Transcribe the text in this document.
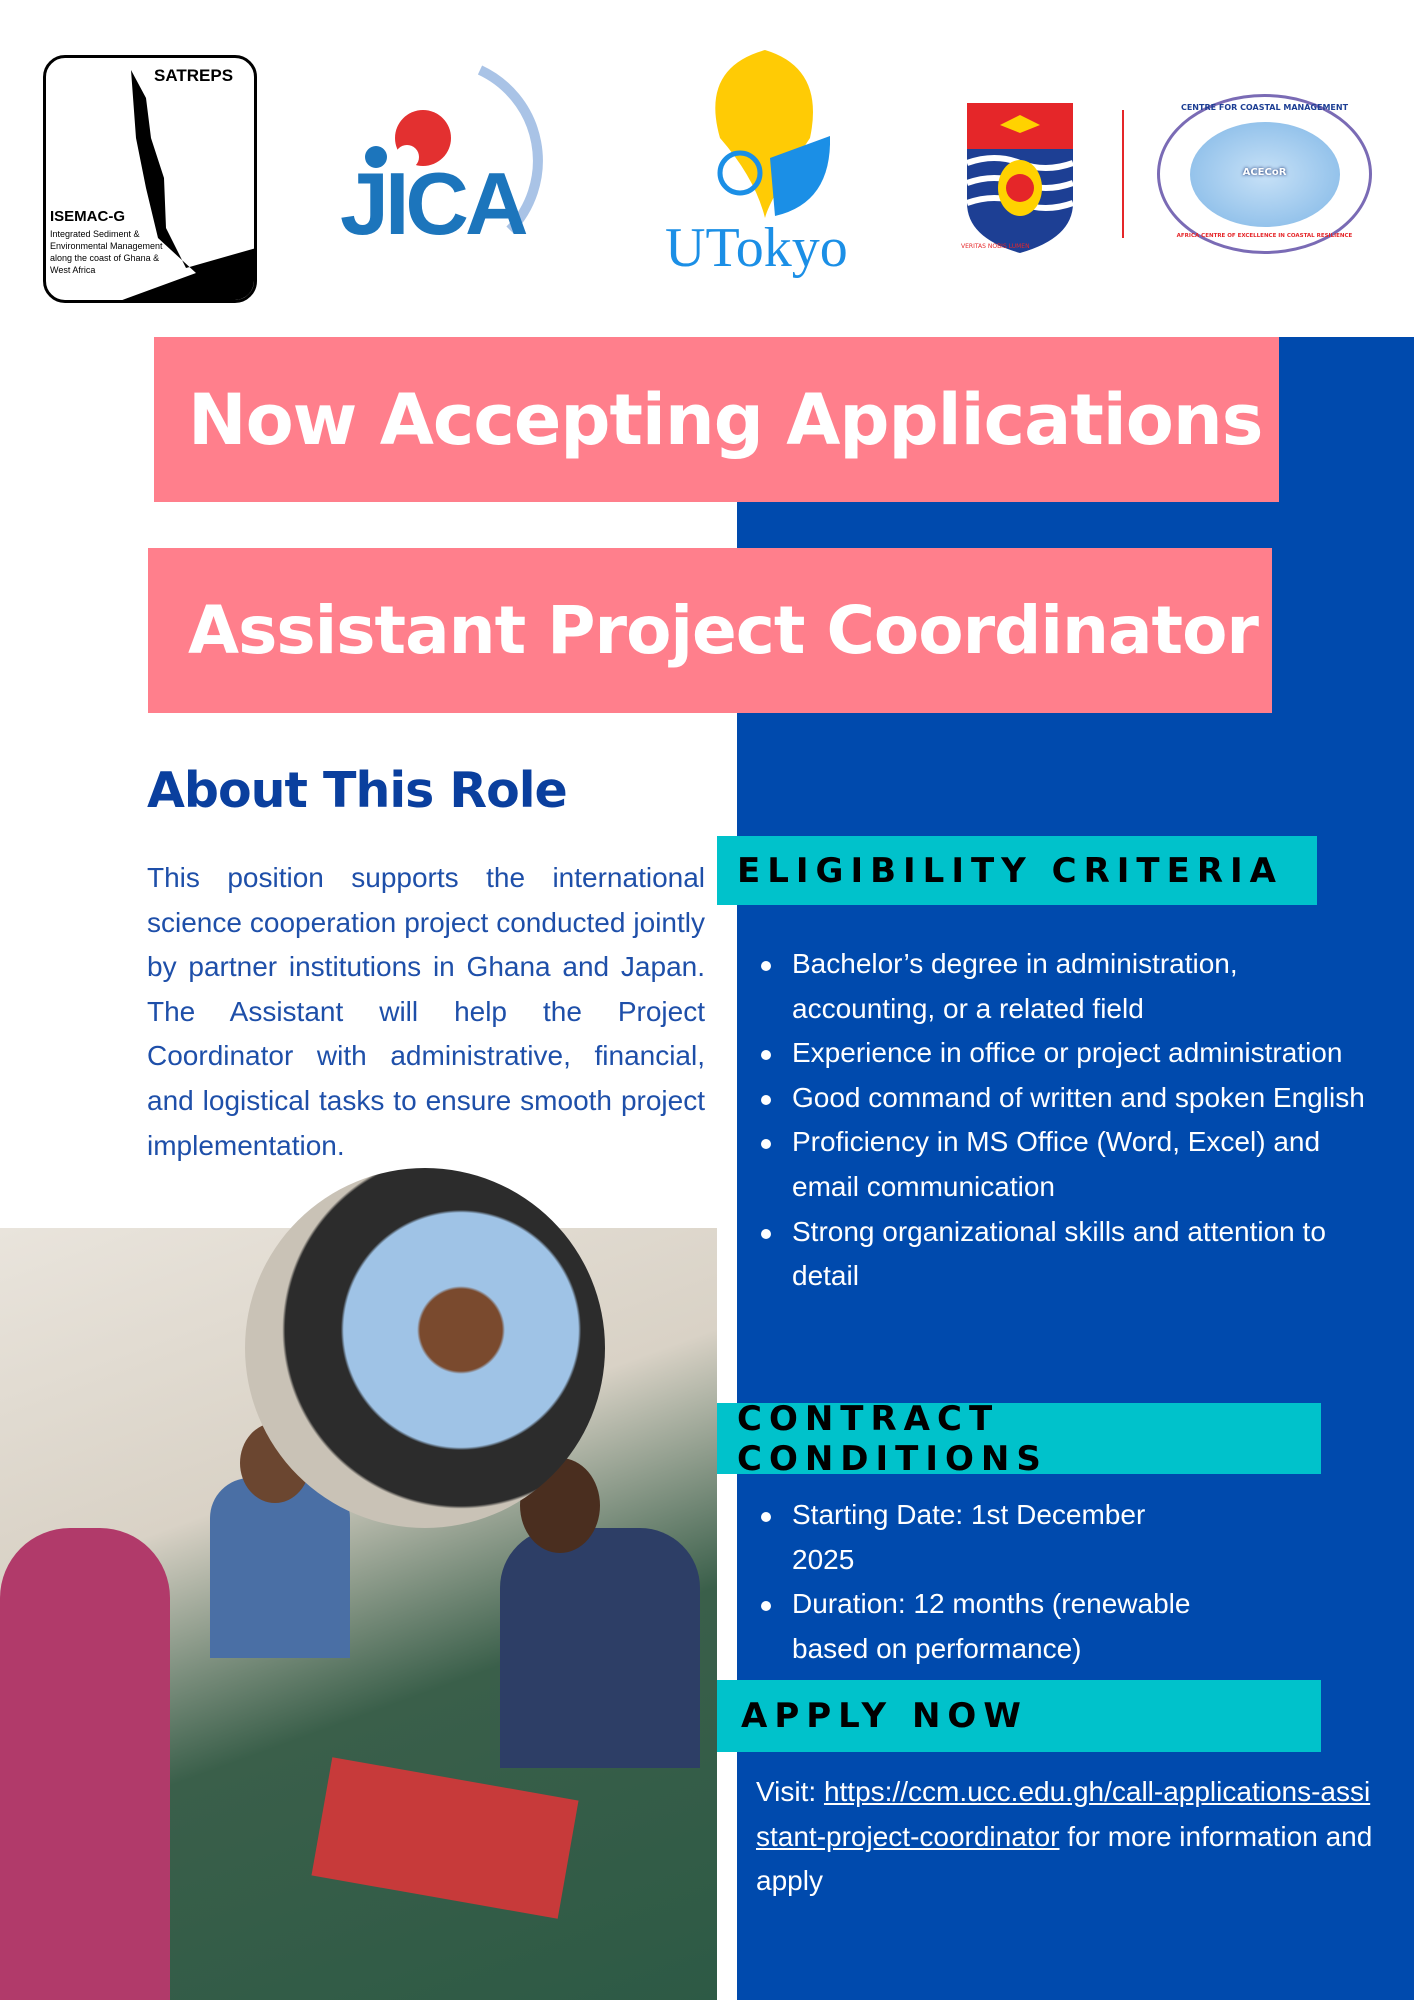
SATREPS
ISEMAC-G
Integrated Sediment & Environmental Management along the coast of Ghana & West Africa
JICA	UTokyo	VERITAS NOBIS LUMEN
CENTRE FOR COASTAL MANAGEMENT
ACECoR
AFRICA CENTRE OF EXCELLENCE IN COASTAL RESILIENCE
Now Accepting Applications
Assistant Project Coordinator
About This Role
This position supports the international science cooperation project conducted jointly by partner institutions in Ghana and Japan. The Assistant will help the Project Coordinator with administrative, financial, and logistical tasks to ensure smooth project implementation.
ELIGIBILITY CRITERIA
Bachelor’s degree in administration, accounting, or a related field
Experience in office or project administration
Good command of written and spoken English
Proficiency in MS Office (Word, Excel) and email communication
Strong organizational skills and attention to detail
CONTRACT CONDITIONS
Starting Date: 1st December 2025
Duration: 12 months (renewable based on performance)
APPLY NOW
Visit: https://ccm.ucc.edu.gh/call-applications-assistant-project-coordinator for more information and apply
